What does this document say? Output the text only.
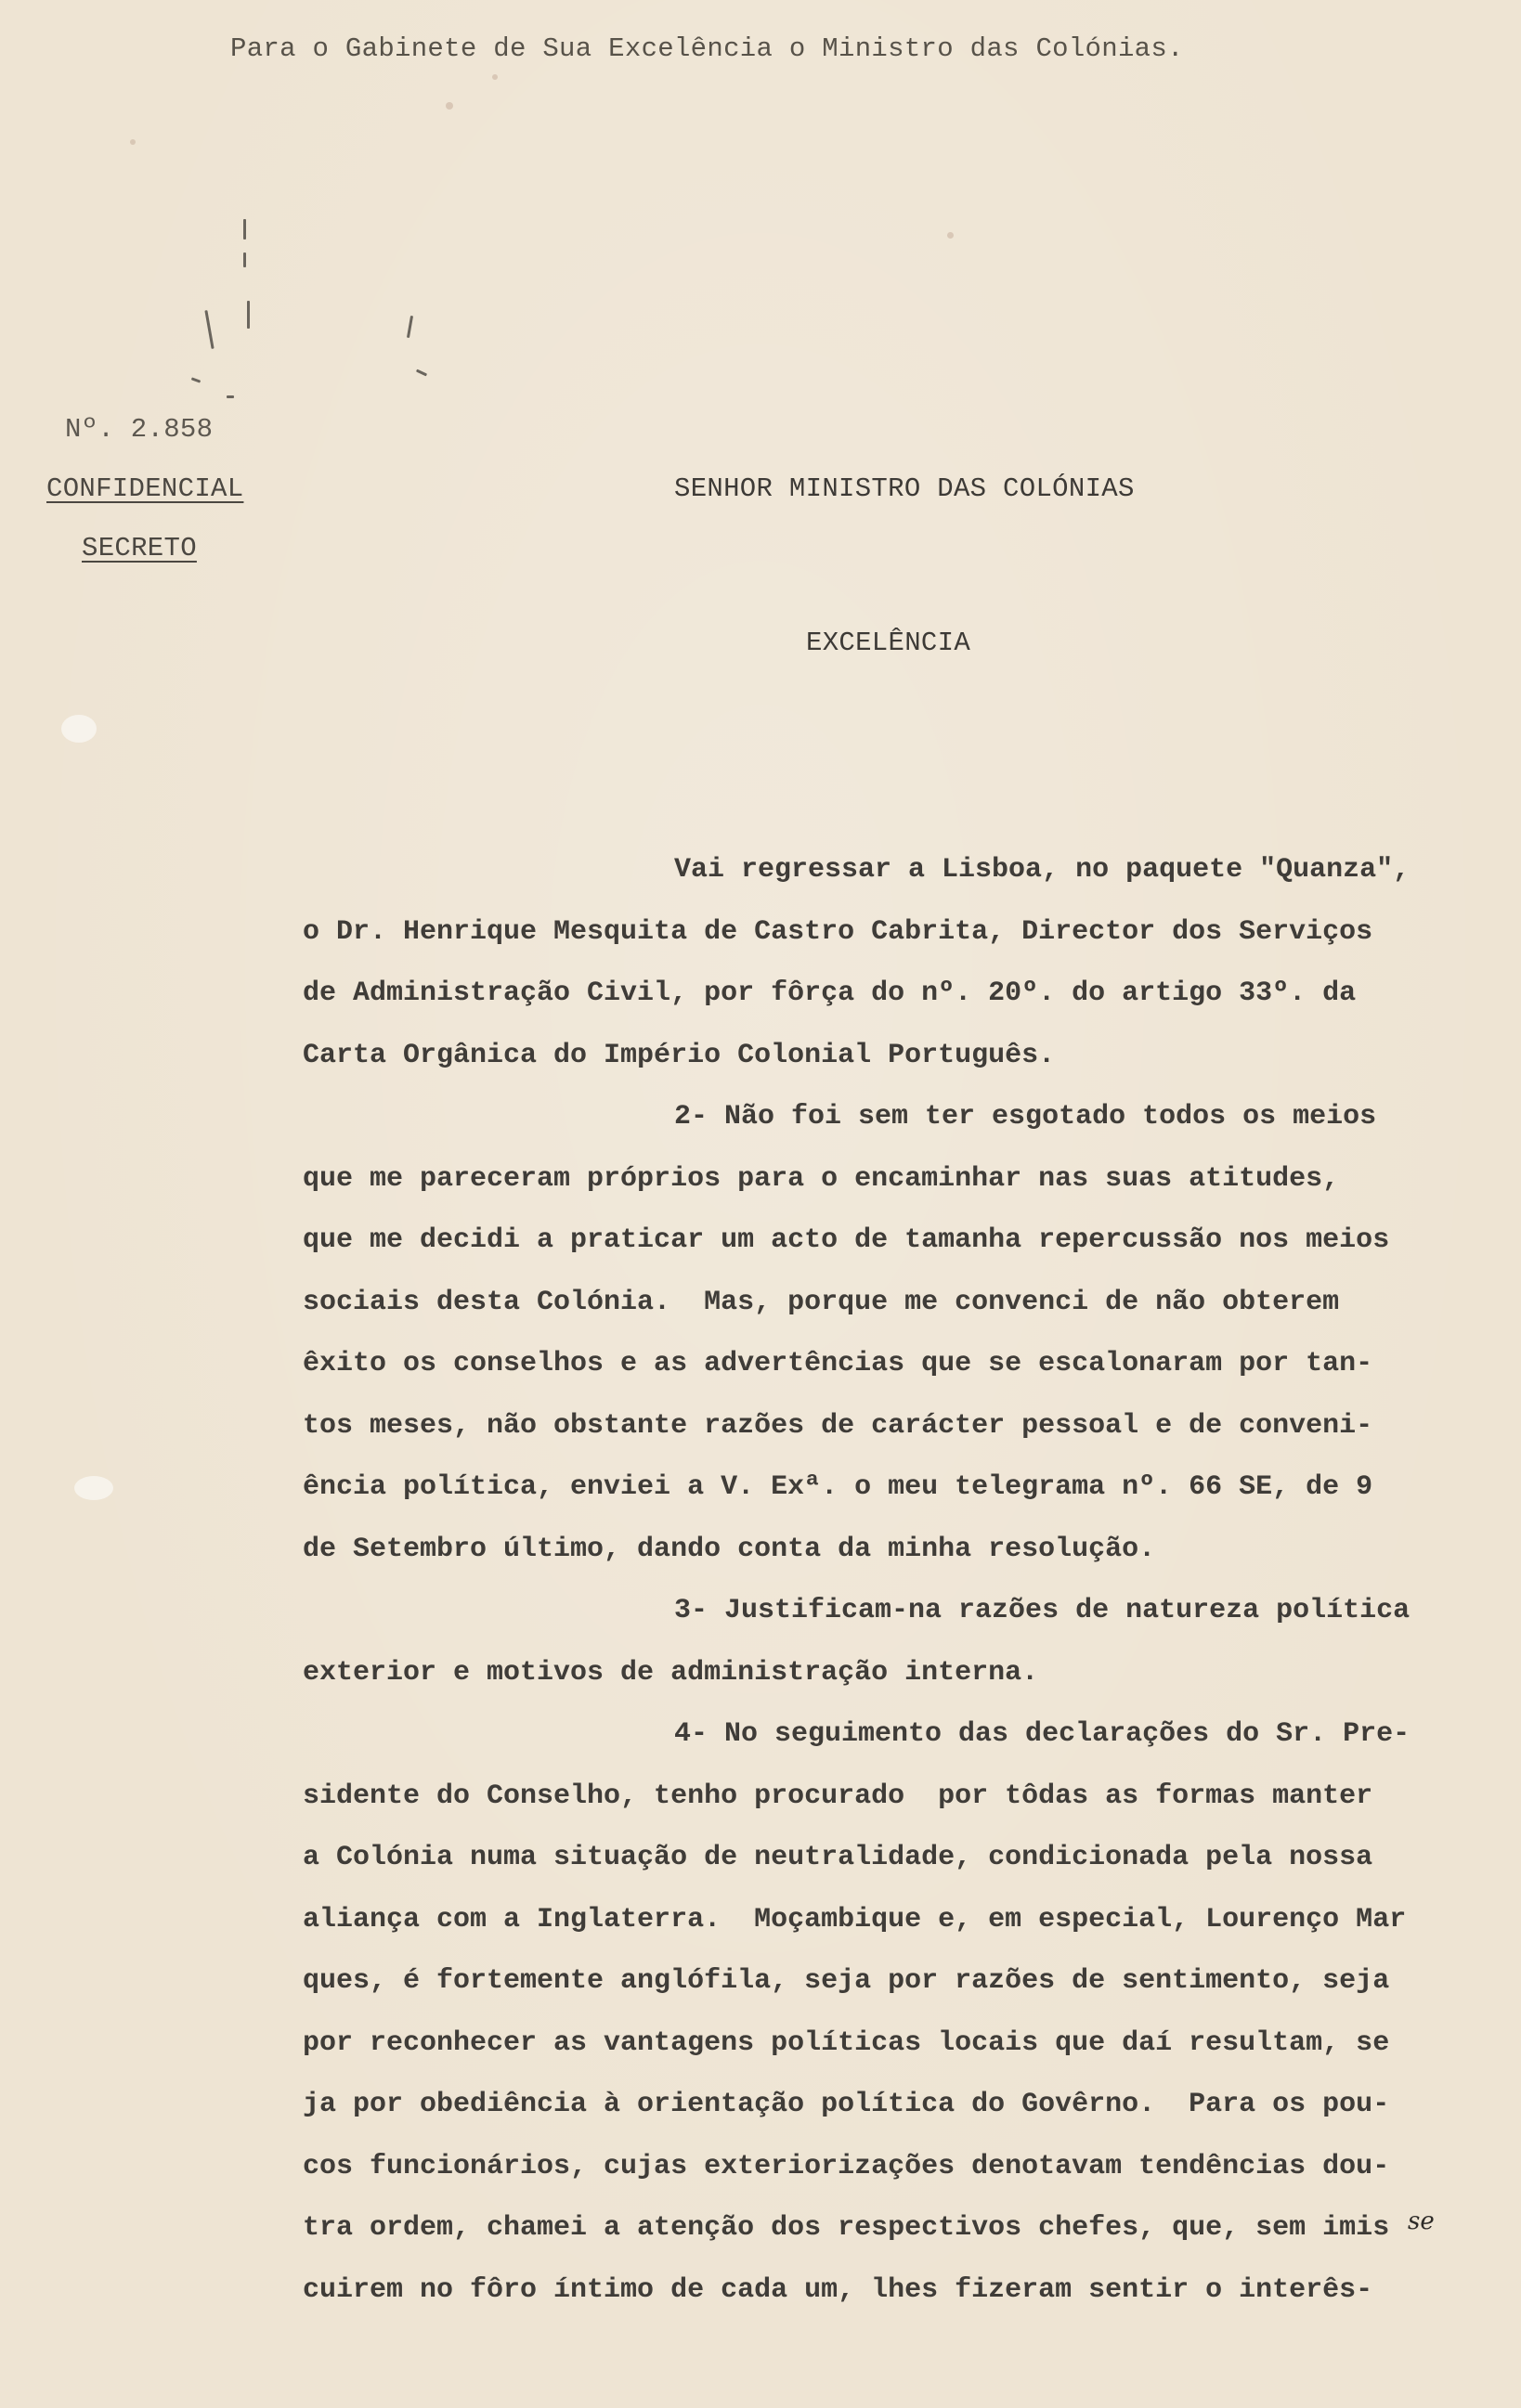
Para o Gabinete de Sua Excelência o Ministro das Colónias.
Nº. 2.858
CONFIDENCIAL
SECRETO
SENHOR MINISTRO DAS COLÓNIAS
EXCELÊNCIA
Vai regressar a Lisboa, no paquete "Quanza",
o Dr. Henrique Mesquita de Castro Cabrita, Director dos Serviços
de Administração Civil, por fôrça do nº. 20º. do artigo 33º. da
Carta Orgânica do Império Colonial Português.
2- Não foi sem ter esgotado todos os meios
que me pareceram próprios para o encaminhar nas suas atitudes,
que me decidi a praticar um acto de tamanha repercussão nos meios
sociais desta Colónia.  Mas, porque me convenci de não obterem
êxito os conselhos e as advertências que se escalonaram por tan-
tos meses, não obstante razões de carácter pessoal e de conveni-
ência política, enviei a V. Exª. o meu telegrama nº. 66 SE, de 9
de Setembro último, dando conta da minha resolução.
3- Justificam-na razões de natureza política
exterior e motivos de administração interna.
4- No seguimento das declarações do Sr. Pre-
sidente do Conselho, tenho procurado  por tôdas as formas manter
a Colónia numa situação de neutralidade, condicionada pela nossa
aliança com a Inglaterra.  Moçambique e, em especial, Lourenço Mar
ques, é fortemente anglófila, seja por razões de sentimento, seja
por reconhecer as vantagens políticas locais que daí resultam, se
ja por obediência à orientação política do Govêrno.  Para os pou-
cos funcionários, cujas exteriorizações denotavam tendências dou-
tra ordem, chamei a atenção dos respectivos chefes, que, sem imis
cuirem no fôro íntimo de cada um, lhes fizeram sentir o interês-
se
